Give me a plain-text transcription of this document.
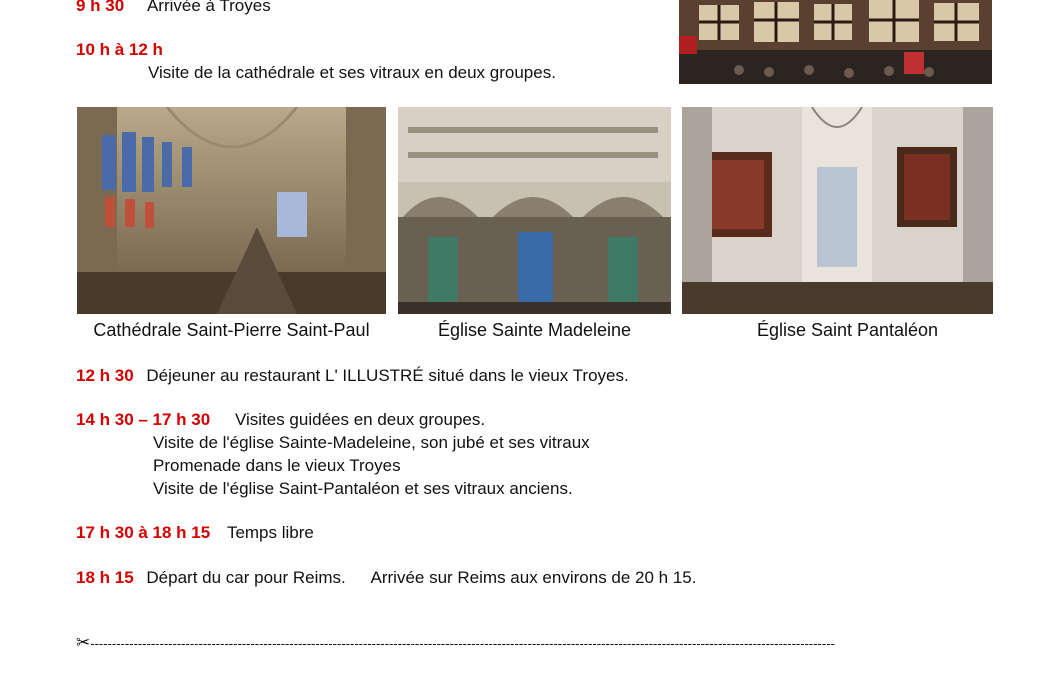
9 h 30 Arrivée à Troyes
10 h à 12 h
Visite de la cathédrale et ses vitraux en deux groupes.
Cathédrale Saint-Pierre Saint-Paul	Église Sainte Madeleine	Église Saint Pantaléon
12 h 30 Déjeuner au restaurant L' ILLUSTRÉ situé dans le vieux Troyes.
14 h 30 – 17 h 30 Visites guidées en deux groupes.
Visite de l'église Sainte-Madeleine, son jubé et ses vitraux
Promenade dans le vieux Troyes
Visite de l'église Saint-Pantaléon et ses vitraux anciens.
17 h 30 à 18 h 15 Temps libre
18 h 15 Départ du car pour Reims. Arrivée sur Reims aux environs de 20 h 15.
✂----------------------------------------------------------------------------------------------------------------------------------------------------------------------------
